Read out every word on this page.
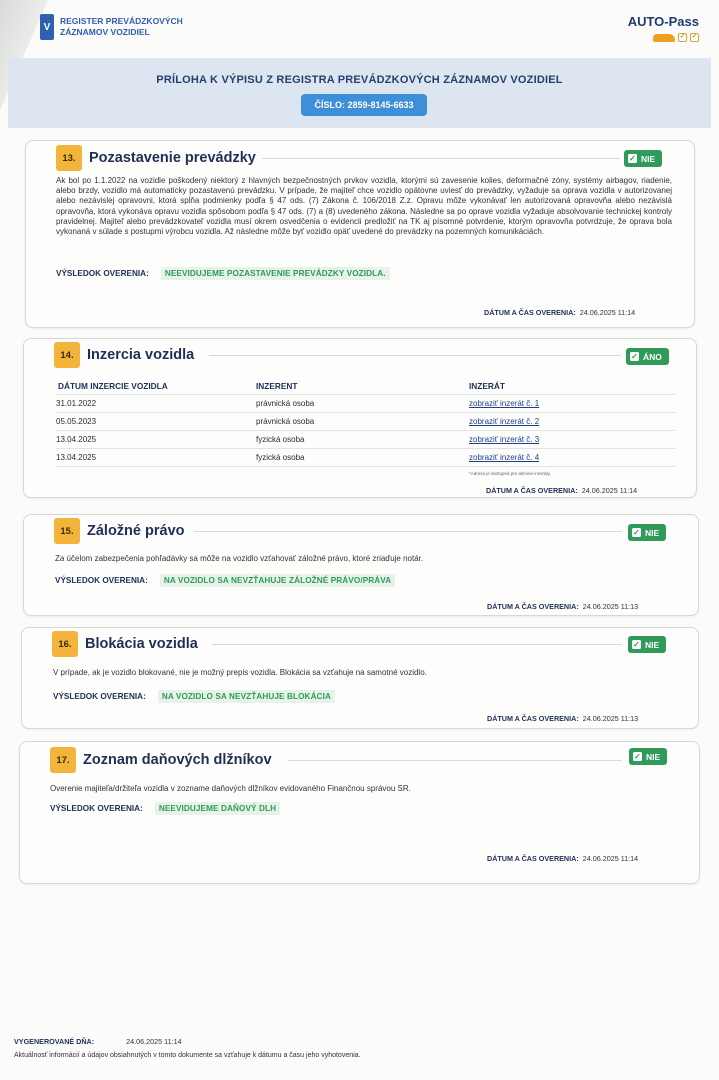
V
REGISTER PREVÁDZKOVÝCH
ZÁZNAMOV VOZIDIEL
AUTO-Pass
✓ ✓
PRÍLOHA K VÝPISU Z REGISTRA PREVÁDZKOVÝCH ZÁZNAMOV VOZIDIEL
ČÍSLO: 2859-8145-6633
13. Pozastavenie prevádzky	✓ NIE
Ak bol po 1.1.2022 na vozidle poškodený niektorý z hlavných bezpečnostných prvkov vozidla, ktorými sú zavesenie kolies, deformačné zóny, systémy airbagov, riadenie, alebo brzdy, vozidlo má automaticky pozastavenú prevádzku. V prípade, že majiteľ chce vozidlo opätovne uviesť do prevádzky, vyžaduje sa oprava vozidla v autorizovanej alebo nezávislej opravovni, ktorá spĺňa podmienky podľa § 47 ods. (7) Zákona č. 106/2018 Z.z. Opravu môže vykonávať len autorizovaná opravovňa alebo nezávislá opravovňa, ktorá vykonáva opravu vozidla spôsobom podľa § 47 ods. (7) a (8) uvedeného zákona. Následne sa po oprave vozidla vyžaduje absolvovanie technickej kontroly pravidelnej. Majiteľ alebo prevádzkovateľ vozidla musí okrem osvedčenia o evidencii predložiť na TK aj písomné potvrdenie, ktorým opravovňa potvrdzuje, že oprava bola vykonaná v súlade s postupmi výrobcu vozidla. Až následne môže byť vozidlo opäť uvedené do prevádzky na pozemných komunikáciách.
VÝSLEDOK OVERENIA:	NEEVIDUJEME POZASTAVENIE PREVÁDZKY VOZIDLA.
DÁTUM A ČAS OVERENIA: 24.06.2025 11:14
14. Inzercia vozidla	✓ ÁNO
DÁTUM INZERCIE VOZIDLA	INZERENT	INZERÁT
31.01.2022	právnická osoba	zobraziť inzerát č. 1
05.05.2023	právnická osoba	zobraziť inzerát č. 2
13.04.2025	fyzická osoba	zobraziť inzerát č. 3
13.04.2025	fyzická osoba	zobraziť inzerát č. 4
*Adresa je dostupná pre aktívne inzeráty.
DÁTUM A ČAS OVERENIA: 24.06.2025 11:14
15. Záložné právo	✓ NIE
Za účelom zabezpečenia pohľadávky sa môže na vozidlo vzťahovať záložné právo, ktoré zriaďuje notár.
VÝSLEDOK OVERENIA:	NA VOZIDLO SA NEVZŤAHUJE ZÁLOŽNÉ PRÁVO/PRÁVA
DÁTUM A ČAS OVERENIA: 24.06.2025 11:13
16. Blokácia vozidla	✓ NIE
V prípade, ak je vozidlo blokované, nie je možný prepis vozidla. Blokácia sa vzťahuje na samotné vozidlo.
VÝSLEDOK OVERENIA:	NA VOZIDLO SA NEVZŤAHUJE BLOKÁCIA
DÁTUM A ČAS OVERENIA: 24.06.2025 11:13
17. Zoznam daňových dlžníkov	✓ NIE
Overenie majiteľa/držiteľa vozidla v zozname daňových dlžníkov evidovaného Finančnou správou SR.
VÝSLEDOK OVERENIA:	NEEVIDUJEME DAŇOVÝ DLH
DÁTUM A ČAS OVERENIA: 24.06.2025 11:14
VYGENEROVANÉ DŇA:	24.06.2025 11:14
Aktuálnosť informácií a údajov obsiahnutých v tomto dokumente sa vzťahuje k dátumu a času jeho vyhotovenia.
